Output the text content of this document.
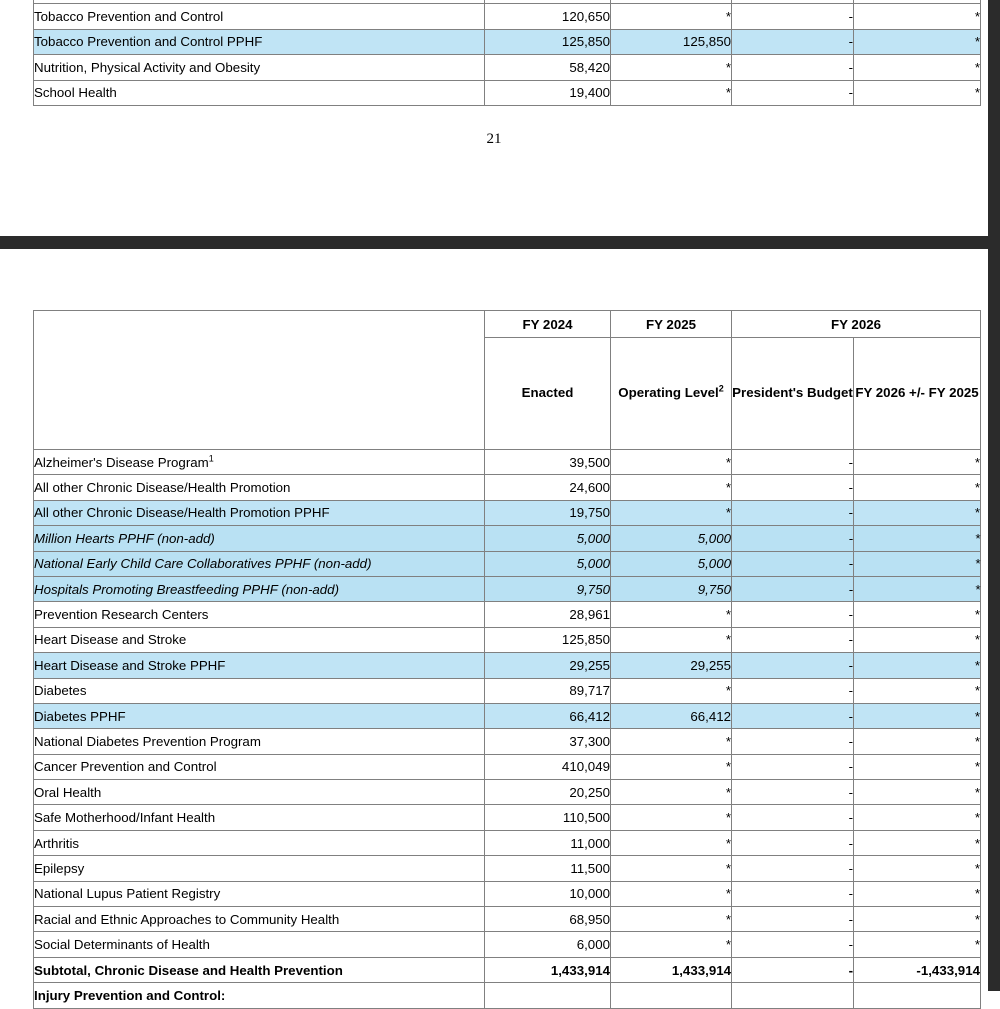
Tobacco Prevention and Control	120,650	*	-	*
Tobacco Prevention and Control PPHF	125,850	125,850	-	*
Nutrition, Physical Activity and Obesity	58,420	*	-	*
School Health	19,400	*	-	*
21
	FY 2024	FY 2025	FY 2026	
	Enacted	Operating Level$^2$	President's Budget	FY 2026 +/- FY 2025
Alzheimer's Disease Program$^1$	39,500	*	-	*
All other Chronic Disease/Health Promotion	24,600	*	-	*
All other Chronic Disease/Health Promotion PPHF	19,750	*	-	*
Million Hearts PPHF (non-add)	5,000	5,000	-	*
National Early Child Care Collaboratives PPHF (non-add)	5,000	5,000	-	*
Hospitals Promoting Breastfeeding PPHF (non-add)	9,750	9,750	-	*
Prevention Research Centers	28,961	*	-	*
Heart Disease and Stroke	125,850	*	-	*
Heart Disease and Stroke PPHF	29,255	29,255	-	*
Diabetes	89,717	*	-	*
Diabetes PPHF	66,412	66,412	-	*
National Diabetes Prevention Program	37,300	*	-	*
Cancer Prevention and Control	410,049	*	-	*
Oral Health	20,250	*	-	*
Safe Motherhood/Infant Health	110,500	*	-	*
Arthritis	11,000	*	-	*
Epilepsy	11,500	*	-	*
National Lupus Patient Registry	10,000	*	-	*
Racial and Ethnic Approaches to Community Health	68,950	*	-	*
Social Determinants of Health	6,000	*	-	*
Subtotal, Chronic Disease and Health Prevention	1,433,914	1,433,914	-	-1,433,914
Injury Prevention and Control:				
